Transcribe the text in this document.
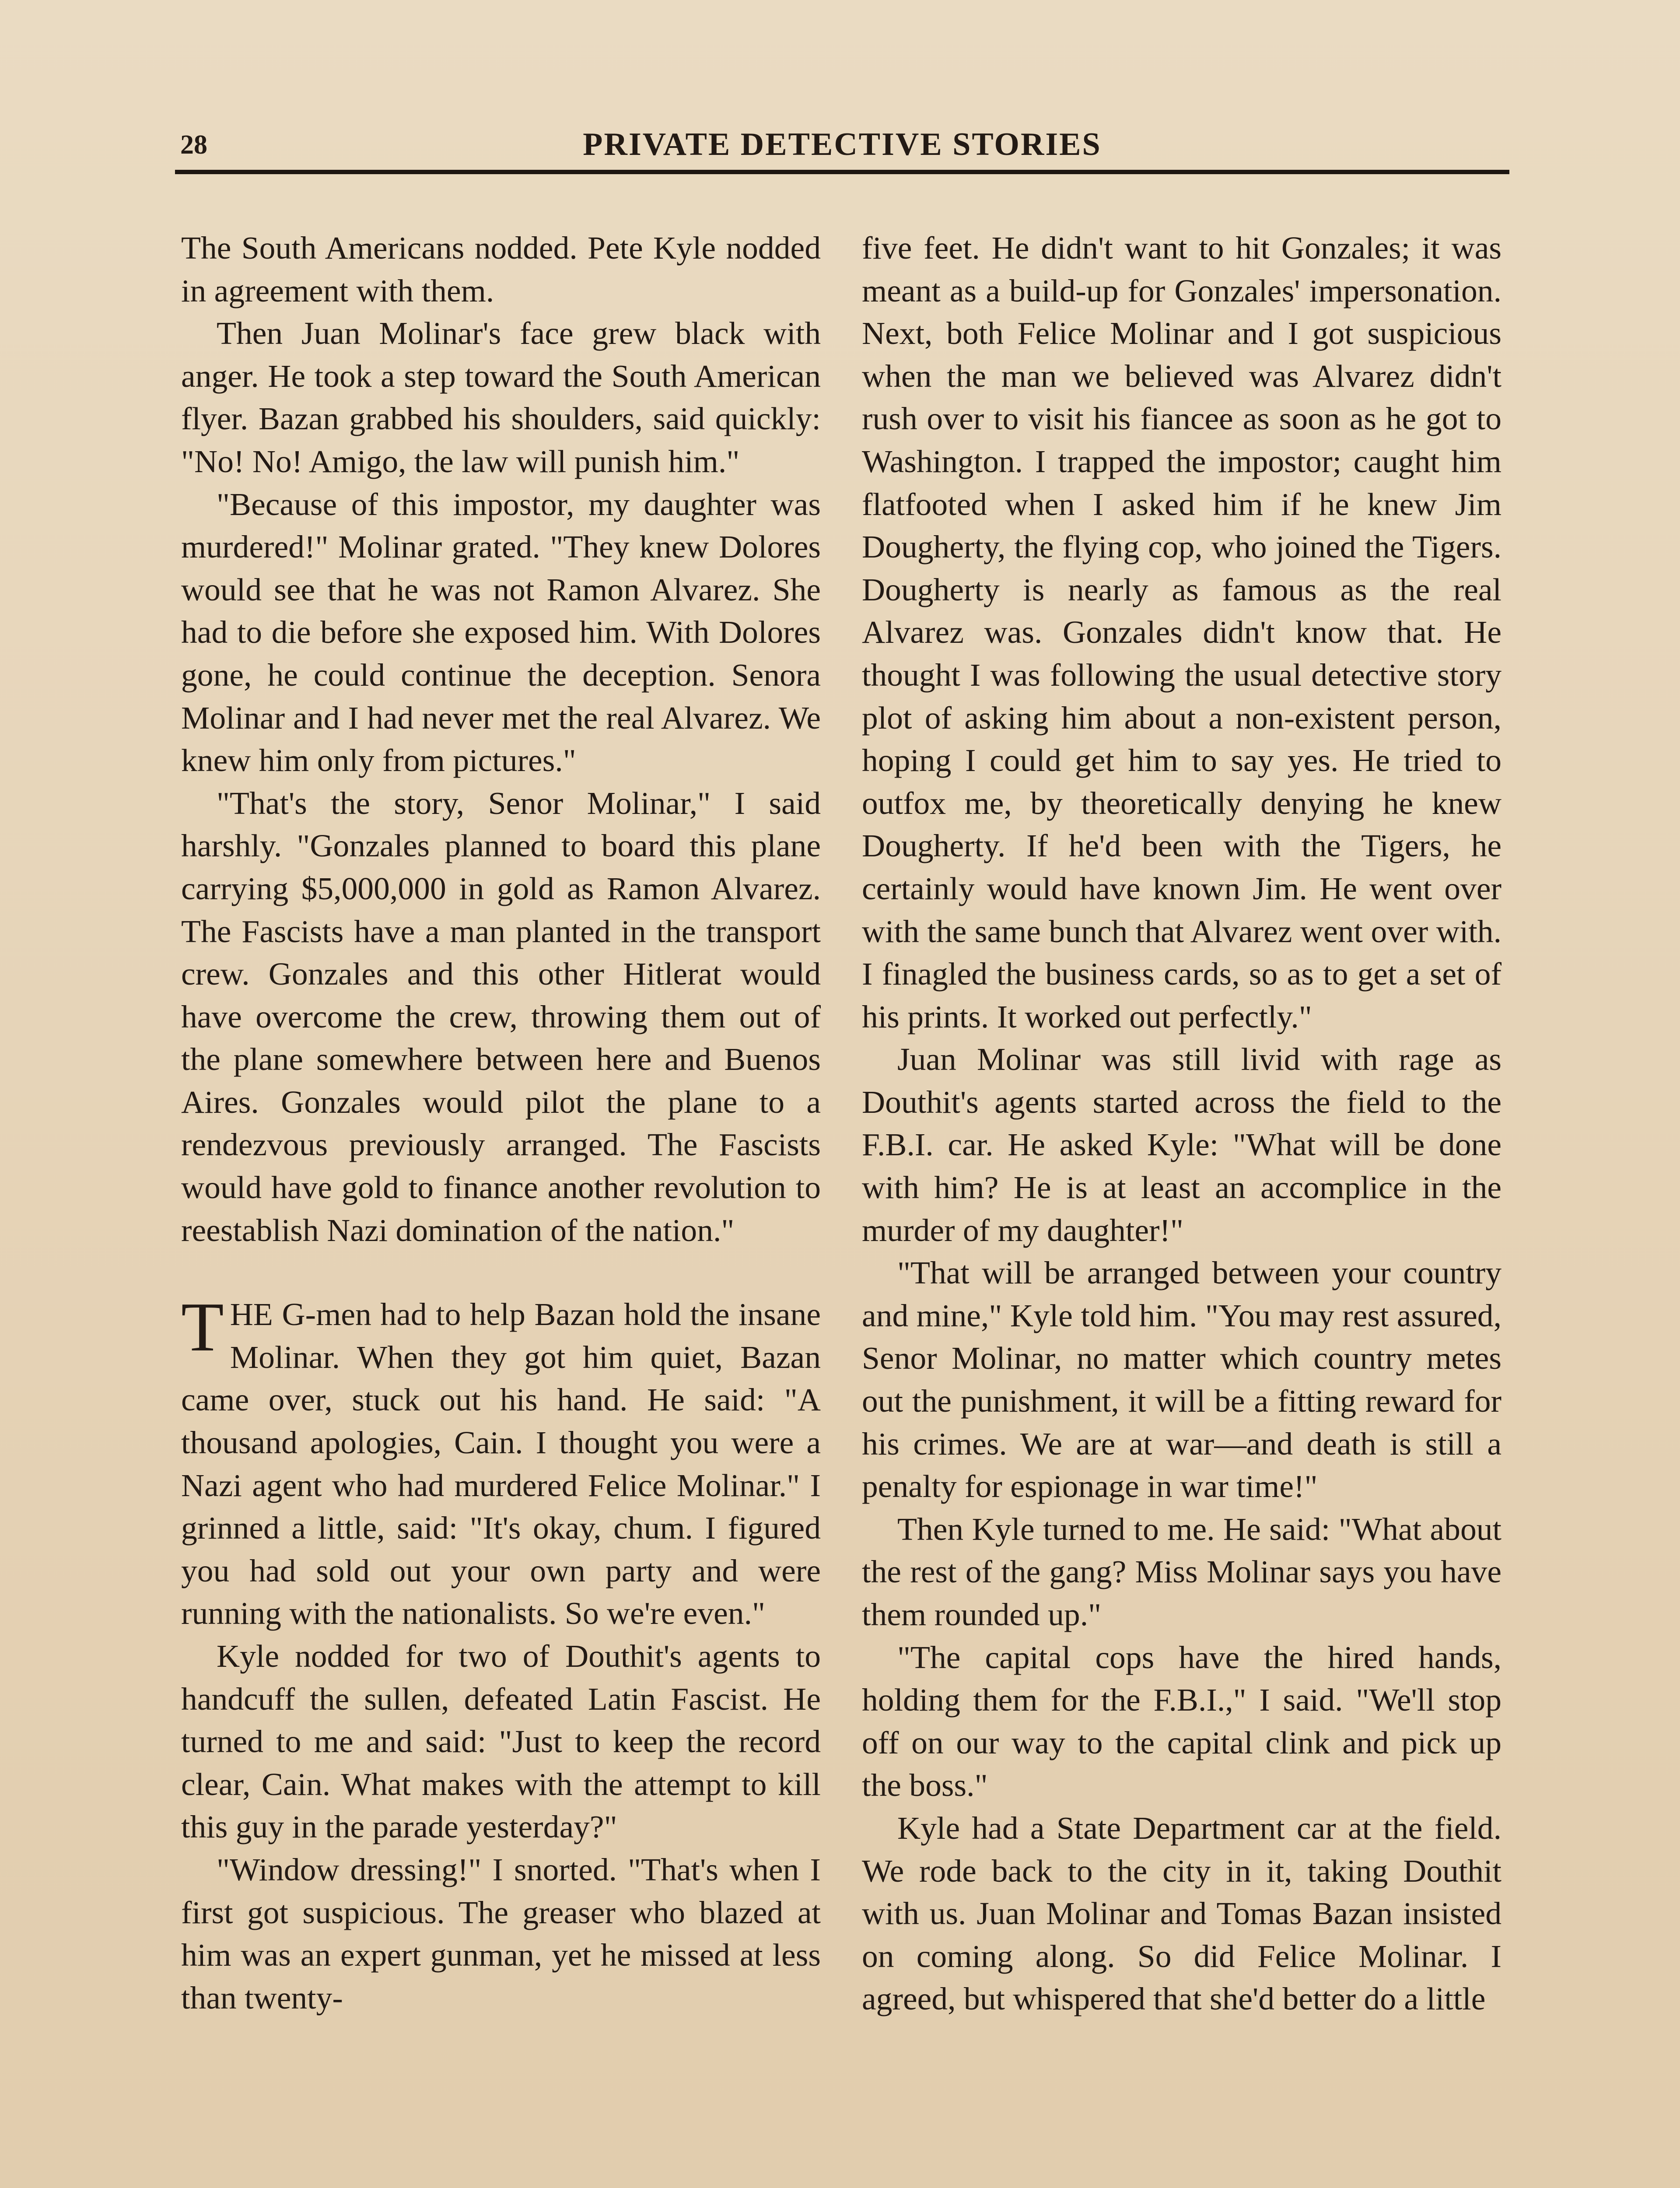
28	PRIVATE DETECTIVE STORIES

The South Americans nodded. Pete Kyle nodded in agreement with them.

Then Juan Molinar's face grew black with anger. He took a step toward the South American flyer. Bazan grabbed his shoulders, said quickly: "No! No! Amigo, the law will punish him."

"Because of this impostor, my daughter was murdered!" Molinar grated. "They knew Dolores would see that he was not Ramon Alvarez. She had to die before she exposed him. With Dolores gone, he could continue the deception. Senora Molinar and I had never met the real Alvarez. We knew him only from pictures."

"That's the story, Senor Molinar," I said harshly. "Gonzales planned to board this plane carrying $5,000,000 in gold as Ramon Alvarez. The Fascists have a man planted in the transport crew. Gonzales and this other Hitlerat would have overcome the crew, throwing them out of the plane somewhere between here and Buenos Aires. Gonzales would pilot the plane to a rendezvous previously arranged. The Fascists would have gold to finance another revolution to reestablish Nazi domination of the nation."

THE G-men had to help Bazan hold the insane Molinar. When they got him quiet, Bazan came over, stuck out his hand. He said: "A thousand apologies, Cain. I thought you were a Nazi agent who had murdered Felice Molinar." I grinned a little, said: "It's okay, chum. I figured you had sold out your own party and were running with the nationalists. So we're even."

Kyle nodded for two of Douthit's agents to handcuff the sullen, defeated Latin Fascist. He turned to me and said: "Just to keep the record clear, Cain. What makes with the attempt to kill this guy in the parade yesterday?"

"Window dressing!" I snorted. "That's when I first got suspicious. The greaser who blazed at him was an expert gunman, yet he missed at less than twenty-

five feet. He didn't want to hit Gonzales; it was meant as a build-up for Gonzales' impersonation. Next, both Felice Molinar and I got suspicious when the man we believed was Alvarez didn't rush over to visit his fiancee as soon as he got to Washington. I trapped the impostor; caught him flatfooted when I asked him if he knew Jim Dougherty, the flying cop, who joined the Tigers. Dougherty is nearly as famous as the real Alvarez was. Gonzales didn't know that. He thought I was following the usual detective story plot of asking him about a non-existent person, hoping I could get him to say yes. He tried to outfox me, by theoretically denying he knew Dougherty. If he'd been with the Tigers, he certainly would have known Jim. He went over with the same bunch that Alvarez went over with. I finagled the business cards, so as to get a set of his prints. It worked out perfectly."

Juan Molinar was still livid with rage as Douthit's agents started across the field to the F.B.I. car. He asked Kyle: "What will be done with him? He is at least an accomplice in the murder of my daughter!"

"That will be arranged between your country and mine," Kyle told him. "You may rest assured, Senor Molinar, no matter which country metes out the punishment, it will be a fitting reward for his crimes. We are at war—and death is still a penalty for espionage in war time!"

Then Kyle turned to me. He said: "What about the rest of the gang? Miss Molinar says you have them rounded up."

"The capital cops have the hired hands, holding them for the F.B.I.," I said. "We'll stop off on our way to the capital clink and pick up the boss."

Kyle had a State Department car at the field. We rode back to the city in it, taking Douthit with us. Juan Molinar and Tomas Bazan insisted on coming along. So did Felice Molinar. I agreed, but whispered that she'd better do a little
